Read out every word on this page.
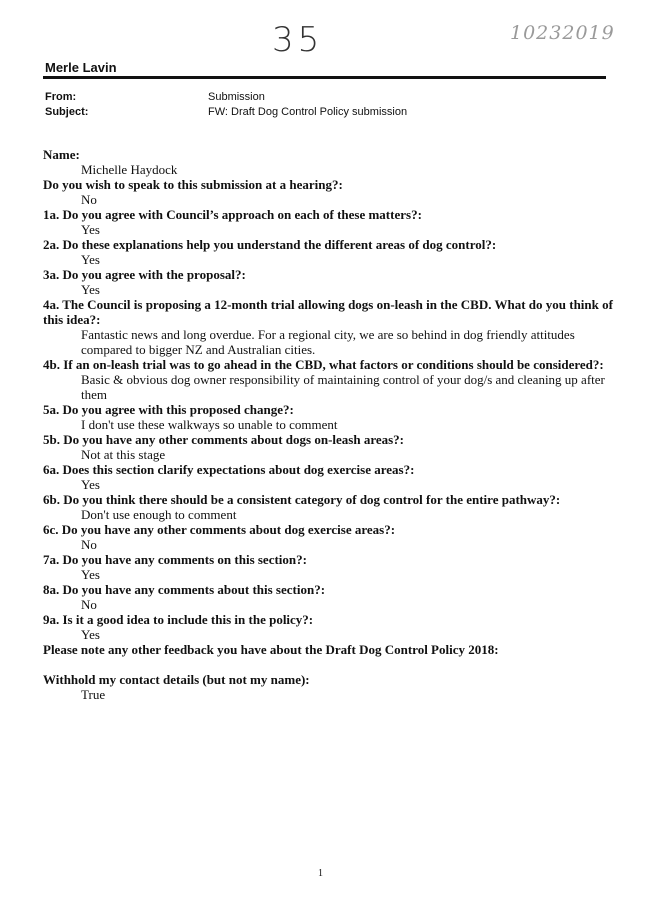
35	10232019
Merle Lavin
From:	Submission
Subject:	FW: Draft Dog Control Policy submission
Name:
Michelle Haydock
Do you wish to speak to this submission at a hearing?:
No
1a. Do you agree with Council’s approach on each of these matters?:
Yes
2a. Do these explanations help you understand the different areas of dog control?:
Yes
3a. Do you agree with the proposal?:
Yes
4a. The Council is proposing a 12-month trial allowing dogs on-leash in the CBD. What do you think of this idea?:
Fantastic news and long overdue. For a regional city, we are so behind in dog friendly attitudes compared to bigger NZ and Australian cities.
4b. If an on-leash trial was to go ahead in the CBD, what factors or conditions should be considered?:
Basic & obvious dog owner responsibility of maintaining control of your dog/s and cleaning up after them
5a. Do you agree with this proposed change?:
I don't use these walkways so unable to comment
5b. Do you have any other comments about dogs on-leash areas?:
Not at this stage
6a. Does this section clarify expectations about dog exercise areas?:
Yes
6b. Do you think there should be a consistent category of dog control for the entire pathway?:
Don't use enough to comment
6c. Do you have any other comments about dog exercise areas?:
No
7a. Do you have any comments on this section?:
Yes
8a. Do you have any comments about this section?:
No
9a. Is it a good idea to include this in the policy?:
Yes
Please note any other feedback you have about the Draft Dog Control Policy 2018:
Withhold my contact details (but not my name):
True
1
